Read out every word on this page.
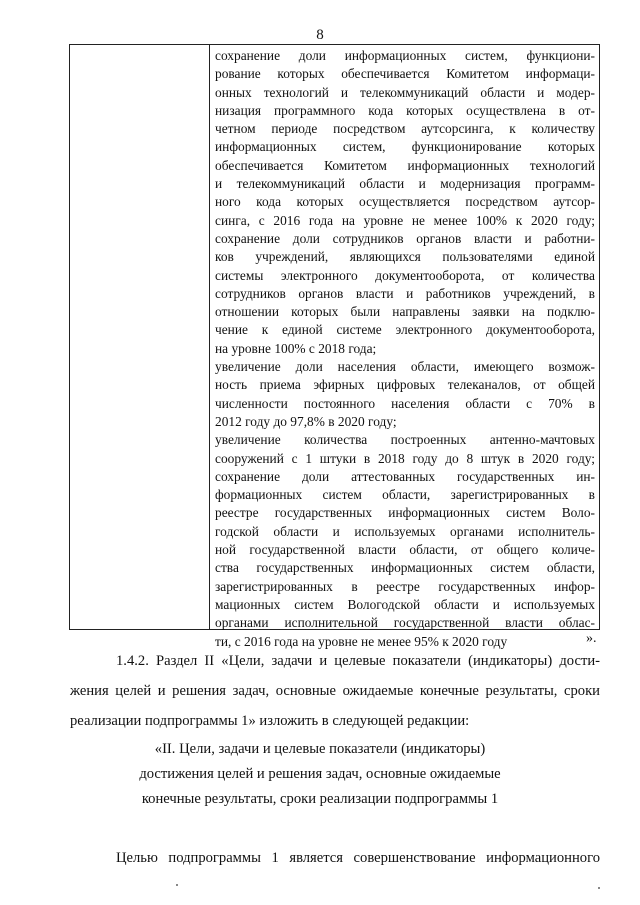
8
сохранение доли информационных систем, функциони-
рование которых обеспечивается Комитетом информаци-
онных технологий и телекоммуникаций области и модер-
низация программного кода которых осуществлена в от-
четном периоде посредством аутсорсинга, к количеству
информационных систем, функционирование которых
обеспечивается Комитетом информационных технологий
и телекоммуникаций области и модернизация программ-
ного кода которых осуществляется посредством аутсор-
синга, с 2016 года на уровне не менее 100% к 2020 году;
сохранение доли сотрудников органов власти и работни-
ков учреждений, являющихся пользователями единой
системы электронного документооборота, от количества
сотрудников органов власти и работников учреждений, в
отношении которых были направлены заявки на подклю-
чение к единой системе электронного документооборота,
на уровне 100% с 2018 года;
увеличение доли населения области, имеющего возмож-
ность приема эфирных цифровых телеканалов, от общей
численности постоянного населения области с 70% в
2012 году до 97,8% в 2020 году;
увеличение количества построенных антенно-мачтовых
сооружений с 1 штуки в 2018 году до 8 штук в 2020 году;
сохранение доли аттестованных государственных ин-
формационных систем области, зарегистрированных в
реестре государственных информационных систем Воло-
годской области и используемых органами исполнитель-
ной государственной власти области, от общего количе-
ства государственных информационных систем области,
зарегистрированных в реестре государственных инфор-
мационных систем Вологодской области и используемых
органами исполнительной государственной власти облас-
ти, с 2016 года на уровне не менее 95% к 2020 году	».
1.4.2. Раздел II «Цели, задачи и целевые показатели (индикаторы) дости-
жения целей и решения задач, основные ожидаемые конечные результаты, сроки
реализации подпрограммы 1» изложить в следующей редакции:
«II. Цели, задачи и целевые показатели (индикаторы)
достижения целей и решения задач, основные ожидаемые
конечные результаты, сроки реализации подпрограммы 1
Целью подпрограммы 1 является совершенствование информационного
